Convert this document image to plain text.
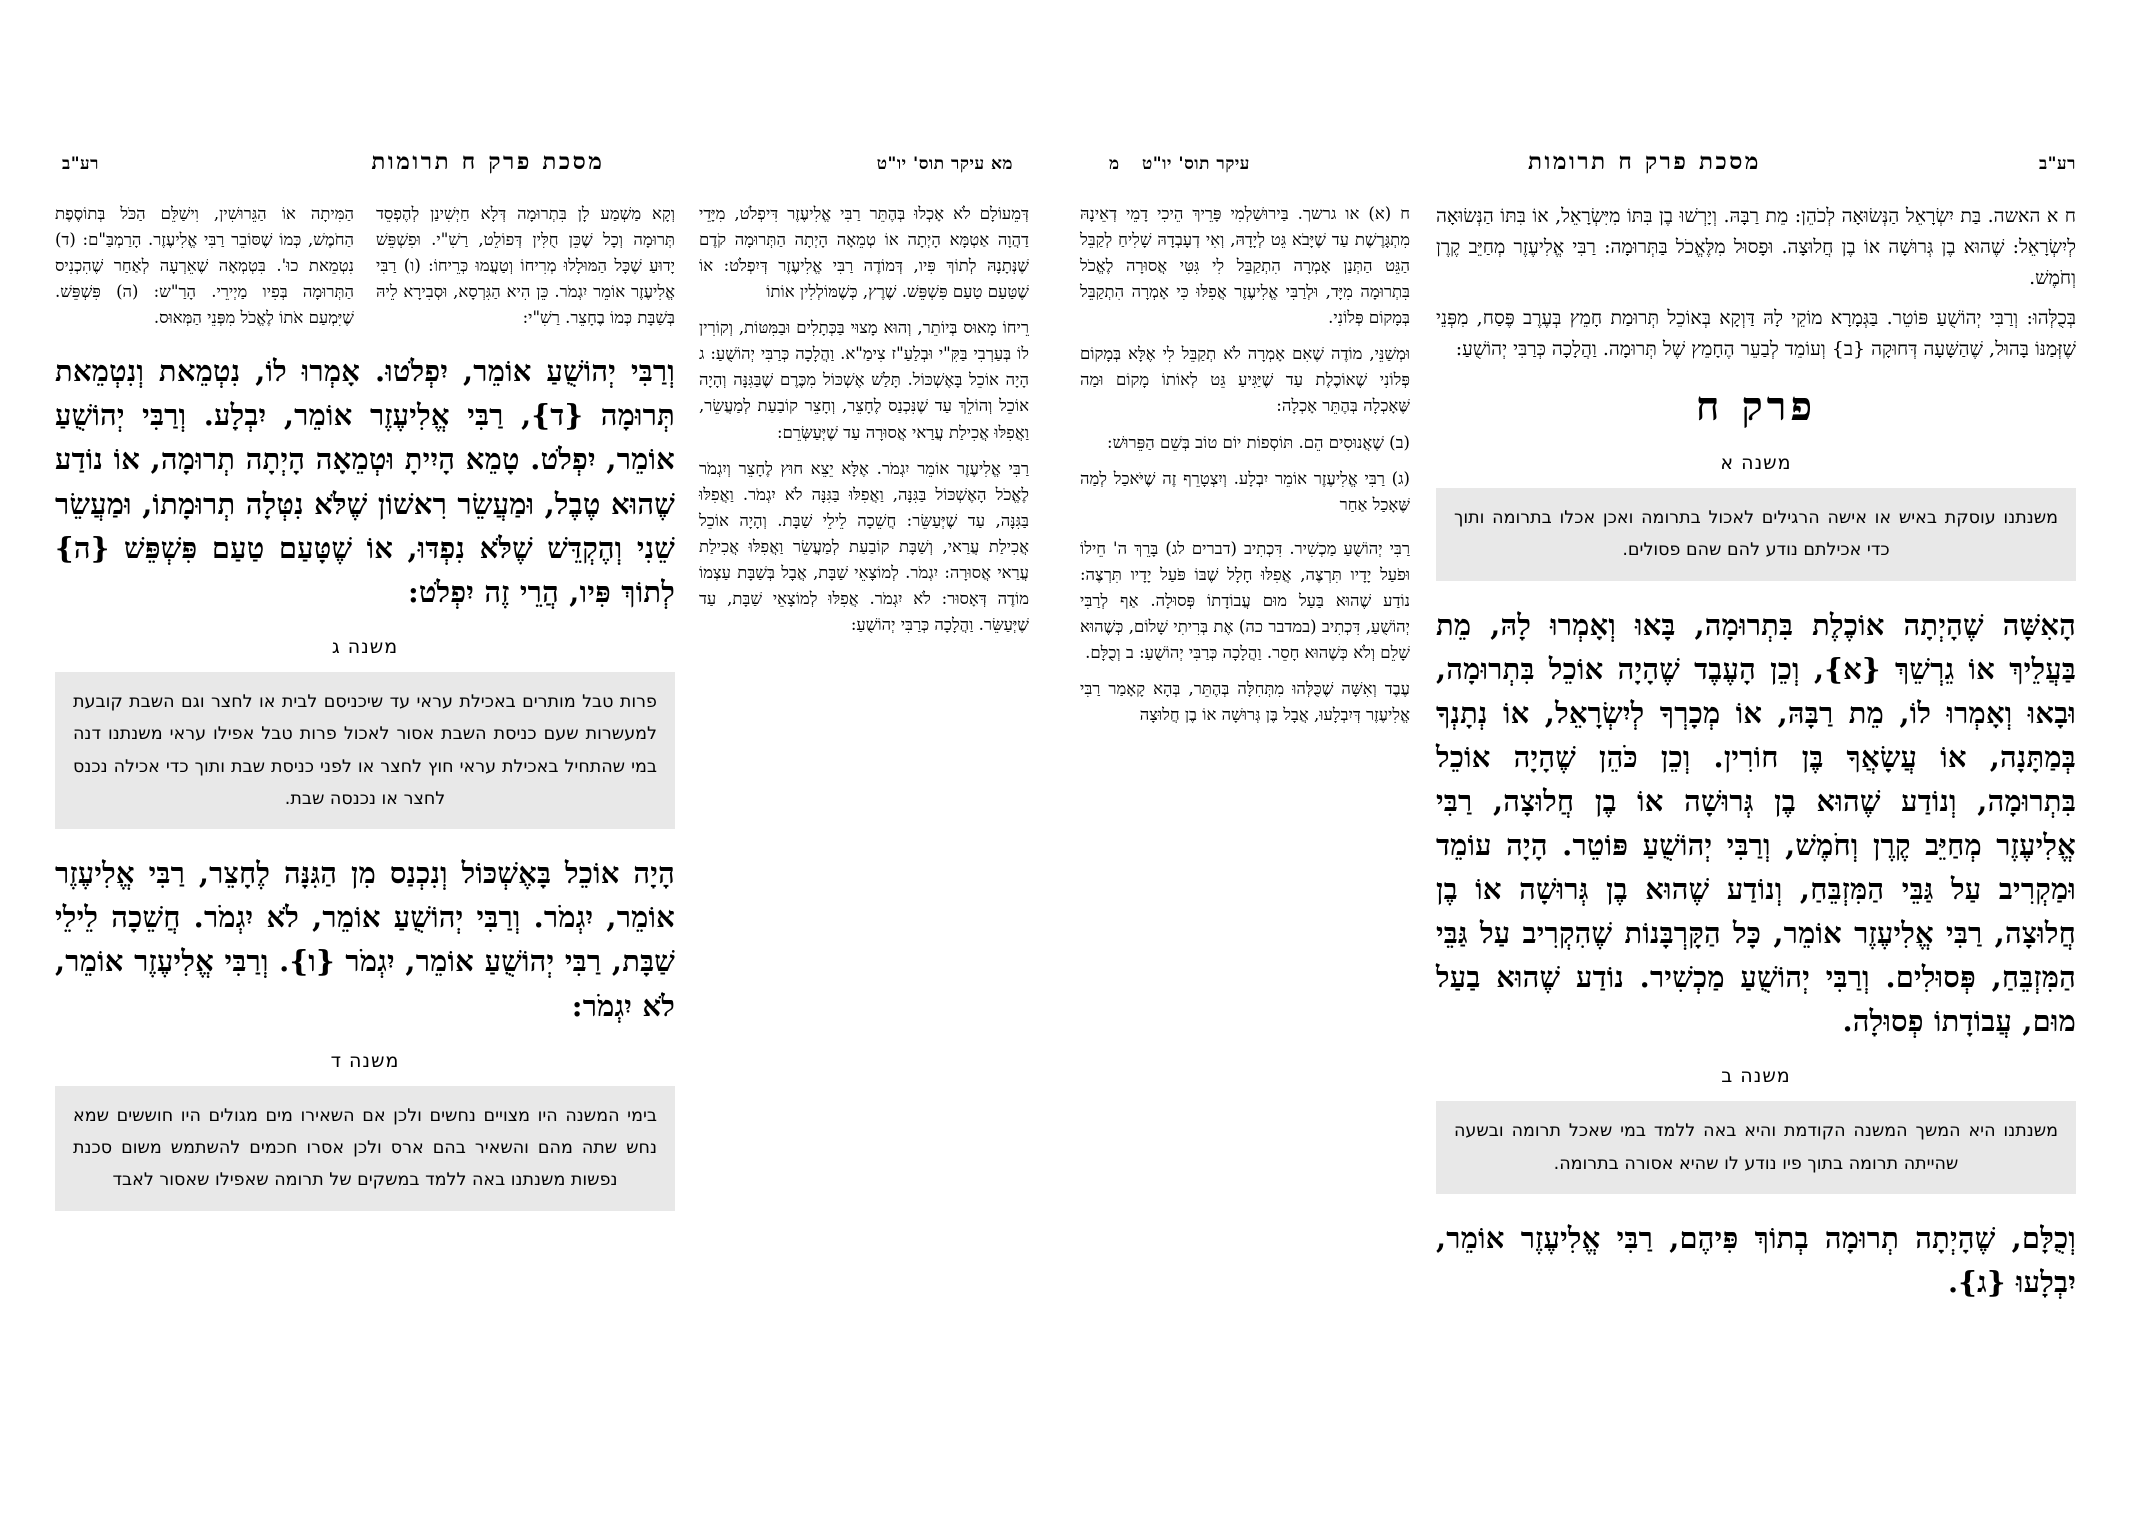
רע"ב
מסכת פרק ח תרומות
עיקר תוס' יו"ט מ
ח א האשה. בַּת יִשְׂרָאֵל הַנְּשׂוּאָה לְכֹהֵן: מֵת רַבָּהּ. וְיָרְשׁוּ בֶן בִּתּוֹ מִיִּשְׂרָאֵל, אוֹ בִּתּוֹ הַנְּשׂוּאָה לְיִשְׂרָאֵל: שֶׁהוּא בֶן גְּרוּשָׁה אוֹ בֶן חֲלוּצָה. וּפָסוּל מִלֶּאֱכֹל בַּתְּרוּמָה: רַבִּי אֱלִיעֶזֶר מְחַיֵּב קֶרֶן וְחֹמֶשׁ.
בְּכֻלְּהוּ: וְרַבִּי יְהוֹשֻׁעַ פּוֹטֵר. בַּגְּמָרָא מוֹקֵי לָהּ דַּוְקָא בְּאוֹכֵל תְּרוּמַת חָמֵץ בְּעֶרֶב פֶּסַח, מִפְּנֵי שֶׁזְּמַנּוֹ בָּהוּל, שֶׁהַשָּׁעָה דְּחוּקָה {ב} וְעוֹמֵד לְבַעֵר הֶחָמֵץ שֶׁל תְּרוּמָה. וַהֲלָכָה כְּרַבִּי יְהוֹשֻׁעַ:
פרק ח
משנה א
משנתנו עוסקת באיש או אישה הרגילים לאכול בתרומה ואכן אכלו בתרומה ותוך כדי אכילתם נודע להם שהם פסולים.
הָאִשָּׁה שֶׁהָיְתָה אוֹכֶלֶת בִּתְרוּמָה, בָּאוּ וְאָמְרוּ לָהּ, מֵת בַּעֲלֵיךְ אוֹ גֵרְשֵׁךְ {א}, וְכֵן הָעֶבֶד שֶׁהָיָה אוֹכֵל בִּתְרוּמָה, וּבָאוּ וְאָמְרוּ לוֹ, מֵת רַבָּהּ, אוֹ מְכָרְךָ לְיִשְׂרָאֵל, אוֹ נְתָנְךָ בְּמַתָּנָה, אוֹ עֲשָׂאֲךָ בֶּן חוֹרִין. וְכֵן כֹּהֵן שֶׁהָיָה אוֹכֵל בִּתְרוּמָה, וְנוֹדַע שֶׁהוּא בֶן גְּרוּשָׁה אוֹ בֶן חֲלוּצָה, רַבִּי אֱלִיעֶזֶר מְחַיֵּב קֶרֶן וְחֹמֶשׁ, וְרַבִּי יְהוֹשֻׁעַ פּוֹטֵר. הָיָה עוֹמֵד וּמַקְרִיב עַל גַּבֵּי הַמִּזְבֵּחַ, וְנוֹדַע שֶׁהוּא בֶן גְּרוּשָׁה אוֹ בֶן חֲלוּצָה, רַבִּי אֱלִיעֶזֶר אוֹמֵר, כָּל הַקָּרְבָּנוֹת שֶׁהִקְרִיב עַל גַּבֵּי הַמִּזְבֵּחַ, פְּסוּלִים. וְרַבִּי יְהוֹשֻׁעַ מַכְשִׁיר. נוֹדַע שֶׁהוּא בַעַל מוּם, עֲבוֹדָתוֹ פְסוּלָה.
משנה ב
משנתנו היא המשך המשנה הקודמת והיא באה ללמד במי שאכל תרומה ובשעה שהייתה תרומה בתוך פיו נודע לו שהיא אסורה בתרומה.
וְכֻלָּם, שֶׁהָיְתָה תְרוּמָה בְתוֹךְ פִּיהֶם, רַבִּי אֱלִיעֶזֶר אוֹמֵר, יִבְלָעוּ {ג}.
ח (א) או גרשך. בַּירוּשַׁלְמִי פָּרֵיךְ הֵיכִי דָמֵי דְאֵינָהּ מִתְגָּרֶשֶׁת עַד שֶׁיָּבֹא גֵּט לְיָדָהּ, וְאִי דְעָבְדָהּ שָׁלִיחַ לְקַבֵּל הַגֵּט הַתְּנַן אָמְרָה הִתְקַבֵּל לִי גִּטִּי אֲסוּרָה לֶאֱכֹל בִּתְרוּמָה מִיָּד, וּלְרַבִּי אֱלִיעֶזֶר אֲפִלּוּ כִּי אָמְרָה הִתְקַבֵּל בְּמָקוֹם פְּלוֹנִי.
וּמְשַׁנֵּי, מוֹדֶה שֶׁאִם אָמְרָה לֹא תְקַבֵּל לִי אֶלָּא בְּמָקוֹם פְּלוֹנִי שֶׁאוֹכֶלֶת עַד שֶׁיַּגִּיעַ גֵּט לְאוֹתוֹ מָקוֹם וּמַה שֶּׁאָכְלָה בְּהֶתֵּר אָכְלָה:
(ב) שֶׁאֲנוּסִים הֵם. תּוֹסְפוֹת יוֹם טוֹב בְּשֵׁם הַפֵּרוּשׁ:
(ג) רַבִּי אֱלִיעֶזֶר אוֹמֵר יִבְלָע. וְיִצְטָרֵף זֶה שֶׁיֹּאכַל לְמַה שֶּׁאָכַל אַחַר
רַבִּי יְהוֹשֻׁעַ מַכְשִׁיר. דִּכְתִיב (דברים לג) בָּרֵךְ ה' חֵילוֹ וּפֹעַל יָדָיו תִּרְצֶה, אֲפִלּוּ חָלָל שֶׁבּוֹ פֹּעַל יָדָיו תִּרְצֶה: נוֹדַע שֶׁהוּא בַּעַל מוּם עֲבוֹדָתוֹ פְּסוּלָה. אַף לְרַבִּי יְהוֹשֻׁעַ, דִּכְתִיב (במדבר כה) אֶת בְּרִיתִי שָׁלוֹם, כְּשֶׁהוּא שָׁלֵם וְלֹא כְּשֶׁהוּא חָסֵר. וַהֲלָכָה כְּרַבִּי יְהוֹשֻׁעַ: ב וְכֻלָּם.
עֶבֶד וְאִשָּׁה שֶׁכֻּלְּהוּ מִתְּחִלָּה בְּהֶתֵּר, בְּהָא קָאָמַר רַבִּי אֱלִיעֶזֶר דְּיִבְלָעוּ, אֲבָל בֶּן גְּרוּשָׁה אוֹ בֶן חֲלוּצָה
מא עיקר תוס' יו"ט
מסכת פרק ח תרומות
רע"ב
דְּמֵעוֹלָם לֹא אָכְלוּ בְּהֶתֵּר רַבִּי אֱלִיעֶזֶר דִּיפְלֹט, מִיָּדֵי דַהֲוָה אַטְמָּא הָיְתָה אוֹ טְמֵאָה הָיְתָה הַתְּרוּמָה קֹדֶם שֶׁנְּתָנָהּ לְתוֹךְ פִּיו, דְּמוֹדֶה רַבִּי אֱלִיעֶזֶר דְּיִפְלֹט: אוֹ שֶׁטַּעַם טַעַם פִּשְׁפֵּשׁ. שֶׁרֶץ, כְּשֶׁמּוֹלְלִין אוֹתוֹ
רֵיחוֹ מָאוּס בְּיוֹתֵר, וְהוּא מָצוּי בַּכְּתָלִים וּבַמִּטּוֹת, וְקוֹרִין לוֹ בְּעַרְבִי בַּקִּ"י וּבְלַעַ"ז צִימַ"א. וַהֲלָכָה כְּרַבִּי יְהוֹשֻׁעַ: ג הָיָה אוֹכֵל בָּאֶשְׁכּוֹל. תָּלַשׁ אֶשְׁכּוֹל מִכֶּרֶם שֶׁבַּגִּנָּה וְהָיָה אוֹכֵל וְהוֹלֵךְ עַד שֶׁנִּכְנַס לֶחָצֵר, וְחָצֵר קוֹבַעַת לְמַעֲשֵׂר, וַאֲפִלּוּ אֲכִילַת עֲרַאי אֲסוּרָה עַד שֶׁיְּעַשְּׂרֵם:
רַבִּי אֱלִיעֶזֶר אוֹמֵר יִגְמֹר. אֶלָּא יֵצֵא חוּץ לֶחָצֵר וְיִגְמֹר לֶאֱכֹל הָאֶשְׁכּוֹל בַּגִּנָּה, וַאֲפִלּוּ בַּגִּנָּה לֹא יִגְמֹר. וַאֲפִלּוּ בַּגִּנָּה, עַד שֶׁיְּעַשֵּׂר: חֲשֵׁכָה לֵילֵי שַׁבָּת. וְהָיָה אוֹכֵל אֲכִילַת עֲרַאי, וְשַׁבָּת קוֹבַעַת לְמַעֲשֵׂר וַאֲפִלּוּ אֲכִילַת עֲרַאי אֲסוּרָה: יִגְמֹר. לְמוֹצָאֵי שַׁבָּת, אֲבָל בְּשַׁבָּת עַצְמוֹ מוֹדֶה דְּאָסוּר: לֹא יִגְמֹר. אֲפִלּוּ לְמוֹצָאֵי שַׁבָּת, עַד שֶׁיְּעַשֵּׂר. וַהֲלָכָה כְּרַבִּי יְהוֹשֻׁעַ:
וְקָא מַשְׁמַע לָן בִּתְרוּמָה דְּלָא חַיְשִׁינַן לְהֶפְסֵד תְּרוּמָה וְכָל שֶׁכֵּן חֻלִּין דְּפוֹלֵט, רַשִׁ"י. וּפִשְׁפֵּשׁ יָדוּעַ שֶׁכָּל הַמּוּלָלוּ מְרִיחוֹ וְטַעֲמוּ כְּרֵיחוֹ: (ו) רַבִּי אֱלִיעֶזֶר אוֹמֵר יִגְמֹר. כֵּן הִיא הַגִּרְסָא, וּסְבִירָא לֵיהּ בְּשַׁבָּת כְּמוֹ בֶחָצֵר. רַשִׁ"י:
הַמִּיתָה אוֹ הַגֵּרוּשִׁין, וִישַׁלֵּם הַכֹּל בְּתוֹסֶפֶת הַחֹמֶשׁ, כְּמוֹ שֶׁסּוֹבֵר רַבִּי אֱלִיעֶזֶר. הָרַמְבַּ"ם: (ד) נִטְמֵאת כוּ'. בִּטְמְאָה שֶׁאֵרְעָה לְאַחַר שֶׁהִכְנִיס הַתְּרוּמָה בְּפִיו מַיְירֵי. הָרַ"ש: (ה) פִּשְׁפֵּשׁ. שֶׁיִּמְעַם אֹתוֹ לֶאֱכֹל מִפְּנֵי הַמְּאוּס.
וְרַבִּי יְהוֹשֻׁעַ אוֹמֵר, יִפְלֹטוּ. אָמְרוּ לוֹ, נִטְמֵאת וְנִטְמֵאת תְּרוּמָה {ד}, רַבִּי אֱלִיעֶזֶר אוֹמֵר, יִבְלָע. וְרַבִּי יְהוֹשֻׁעַ אוֹמֵר, יִפְלֹט. טָמֵא הָיִיתָ וּטְמֵאָה הָיְתָה תְרוּמָה, אוֹ נוֹדַע שֶׁהוּא טֶבֶל, וּמַעֲשֵׂר רִאשׁוֹן שֶׁלֹּא נִטְּלָה תְרוּמָתוֹ, וּמַעֲשֵׂר שֵׁנִי וְהֶקְדֵּשׁ שֶׁלֹּא נִפְדּוּ, אוֹ שֶׁטָּעַם טַעַם פִּשְׁפֵּשׁ {ה} לְתוֹךְ פִּיו, הֲרֵי זֶה יִפְלֹט:
משנה ג
פרות טבל מותרים באכילת עראי עד שיכניסם לבית או לחצר וגם השבת קובעת למעשרות שעם כניסת השבת אסור לאכול פרות טבל אפילו עראי משנתנו דנה במי שהתחיל באכילת עראי חוץ לחצר או לפני כניסת שבת ותוך כדי אכילה נכנס לחצר או נכנסה שבת.
הָיָה אוֹכֵל בָּאֶשְׁכּוֹל וְנִכְנַס מִן הַגִּנָּה לֶחָצֵר, רַבִּי אֱלִיעֶזֶר אוֹמֵר, יִגְמֹר. וְרַבִּי יְהוֹשֻׁעַ אוֹמֵר, לֹא יִגְמֹר. חֲשֵׁכָה לֵילֵי שַׁבָּת, רַבִּי יְהוֹשֻׁעַ אוֹמֵר, יִגְמֹר {ו}. וְרַבִּי אֱלִיעֶזֶר אוֹמֵר, לֹא יִגְמֹר:
משנה ד
בימי המשנה היו מצויים נחשים ולכן אם השאירו מים מגולים היו חוששים שמא נחש שתה מהם והשאיר בהם ארס ולכן אסרו חכמים להשתמש משום סכנת נפשות משנתנו באה ללמד במשקים של תרומה שאפילו שאסור לאבד
